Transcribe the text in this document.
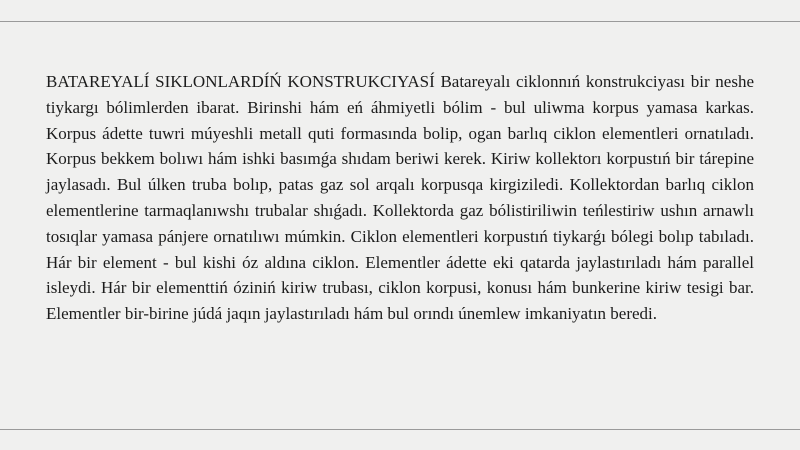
BATAREYALÍ SIKLONLARDÍŃ KONSTRUKCIYASÍ Batareyalı ciklonnıń konstrukciyası bir neshe tiykargı bólimlerden ibarat. Birinshi hám eń áhmiyetli bólim - bul uliwma korpus yamasa karkas. Korpus ádette tuwri múyeshli metall quti formasında bolip, ogan barlıq ciklon elementleri ornatıladı. Korpus bekkem bolıwı hám ishki basımǵa shıdam beriwi kerek. Kiriw kollektorı korpustıń bir tárepine jaylasadı. Bul úlken truba bolıp, patas gaz sol arqalı korpusqa kirgiziledi. Kollektordan barlıq ciklon elementlerine tarmaqlanıwshı trubalar shıǵadı. Kollektorda gaz bólistiriliwin teńlestiriw ushın arnawlı tosıqlar yamasa pánjere ornatılıwı múmkin. Ciklon elementleri korpustıń tiykarǵı bólegi bolıp tabıladı. Hár bir element - bul kishi óz aldına ciklon. Elementler ádette eki qatarda jaylastırıladı hám parallel isleydi. Hár bir elementtiń óziniń kiriw trubası, ciklon korpusi, konusı hám bunkerine kiriw tesigi bar. Elementler bir-birine júdá jaqın jaylastırıladı hám bul orındı únemlew imkaniyatın beredi.
